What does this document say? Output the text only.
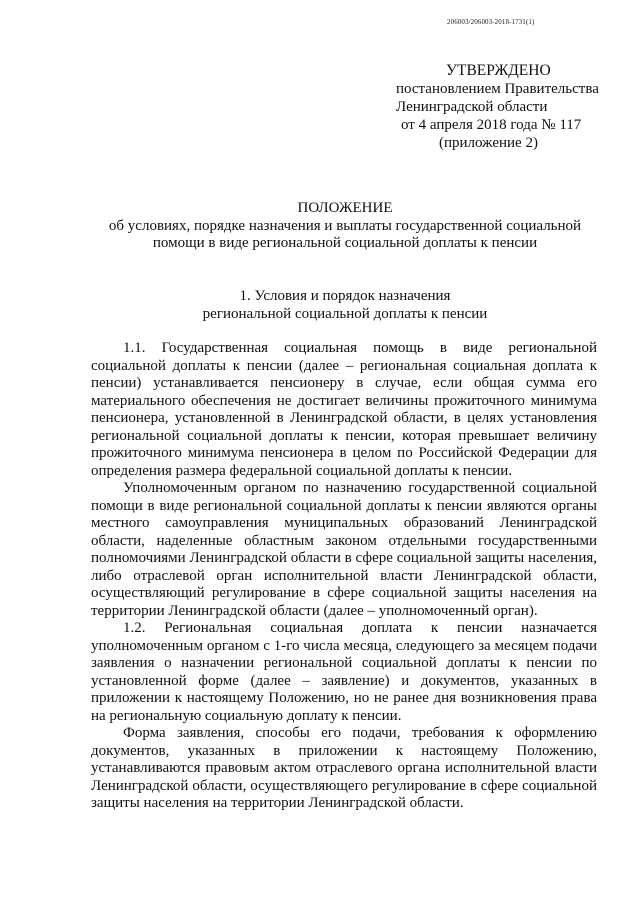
206003/206003-2018-1731(1)
УТВЕРЖДЕНО
постановлением Правительства
Ленинградской области
от 4 апреля 2018 года № 117
(приложение 2)
ПОЛОЖЕНИЕ
об условиях, порядке назначения и выплаты государственной социальной
помощи в виде региональной социальной доплаты к пенсии
1. Условия и порядок назначения
региональной социальной доплаты к пенсии

1.1. Государственная социальная помощь в виде региональной социальной доплаты к пенсии (далее – региональная социальная доплата к пенсии) устанавливается пенсионеру в случае, если общая сумма его материального обеспечения не достигает величины прожиточного минимума пенсионера, установленной в Ленинградской области, в целях установления региональной социальной доплаты к пенсии, которая превышает величину прожиточного минимума пенсионера в целом по Российской Федерации для определения размера федеральной социальной доплаты к пенсии.

Уполномоченным органом по назначению государственной социальной помощи в виде региональной социальной доплаты к пенсии являются органы местного самоуправления муниципальных образований Ленинградской области, наделенные областным законом отдельными государственными полномочиями Ленинградской области в сфере социальной защиты населения, либо отраслевой орган исполнительной власти Ленинградской области, осуществляющий регулирование в сфере социальной защиты населения на территории Ленинградской области (далее – уполномоченный орган).

1.2. Региональная социальная доплата к пенсии назначается уполномоченным органом с 1-го числа месяца, следующего за месяцем подачи заявления о назначении региональной социальной доплаты к пенсии по установленной форме (далее – заявление) и документов, указанных в приложении к настоящему Положению, но не ранее дня возникновения права на региональную социальную доплату к пенсии.

Форма заявления, способы его подачи, требования к оформлению документов, указанных в приложении к настоящему Положению, устанавливаются правовым актом отраслевого органа исполнительной власти Ленинградской области, осуществляющего регулирование в сфере социальной защиты населения на территории Ленинградской области.
